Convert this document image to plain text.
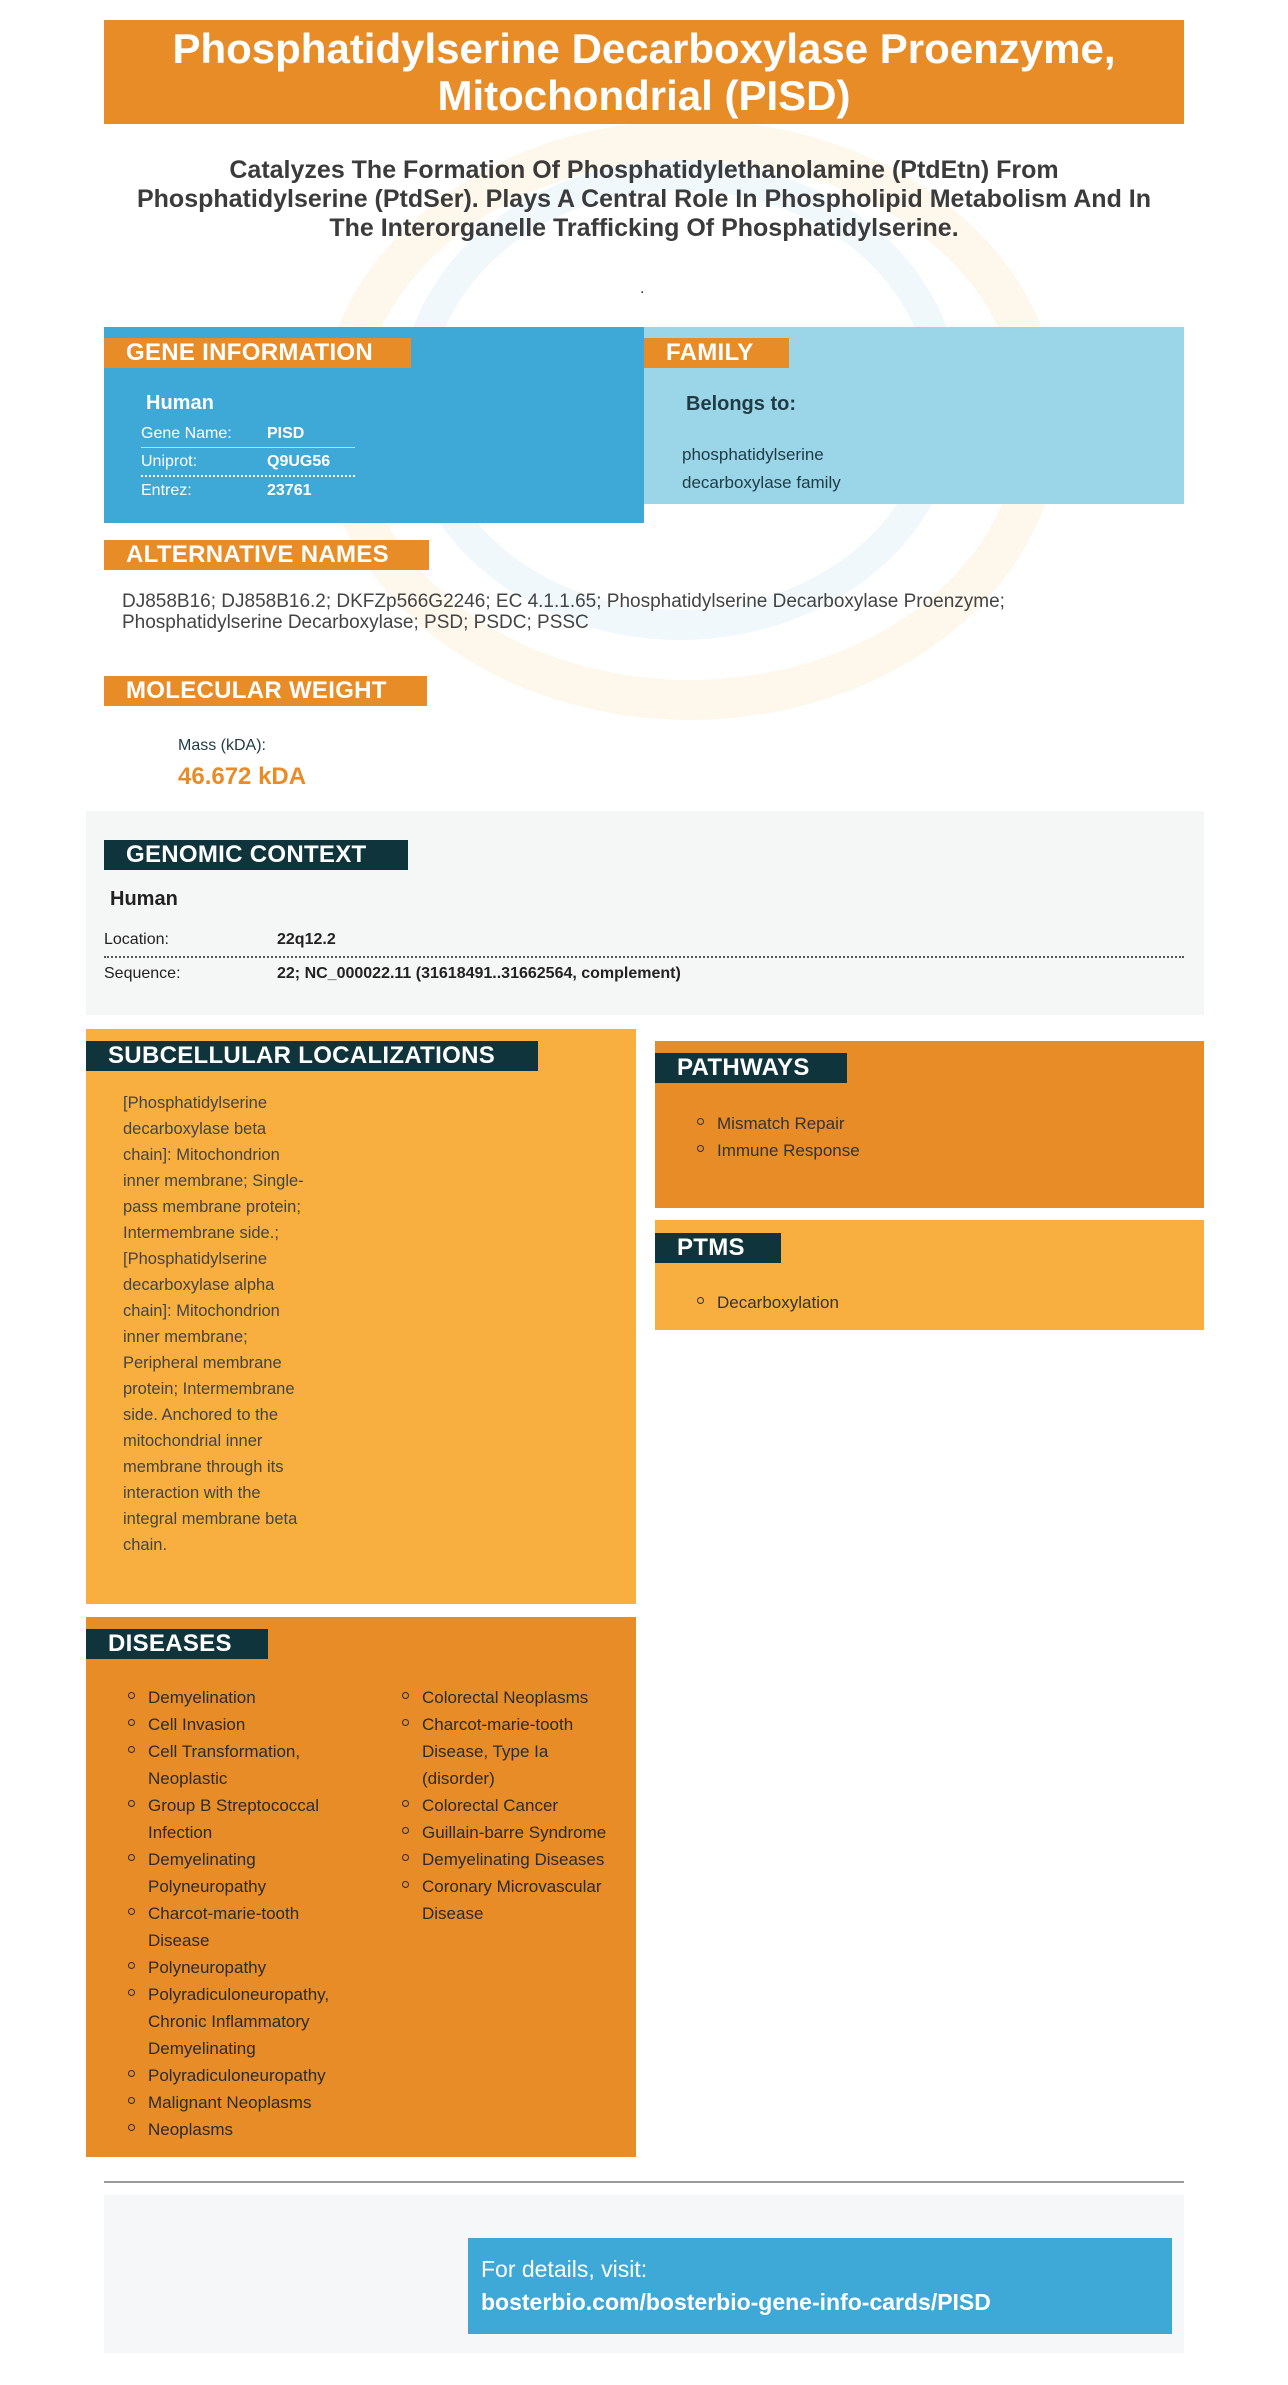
Phosphatidylserine Decarboxylase Proenzyme, Mitochondrial (PISD)
Catalyzes The Formation Of Phosphatidylethanolamine (PtdEtn) From Phosphatidylserine (PtdSer). Plays A Central Role In Phospholipid Metabolism And In The Interorganelle Trafficking Of Phosphatidylserine.
.
GENE INFORMATION
Human
Gene Name:	PISD
Uniprot:	Q9UG56
Entrez:	23761
FAMILY
Belongs to:
phosphatidylserine
decarboxylase family
ALTERNATIVE NAMES
DJ858B16; DJ858B16.2; DKFZp566G2246; EC 4.1.1.65; Phosphatidylserine Decarboxylase Proenzyme; Phosphatidylserine Decarboxylase; PSD; PSDC; PSSC
MOLECULAR WEIGHT
Mass (kDA):
46.672 kDA
GENOMIC CONTEXT
Human
Location:	22q12.2
Sequence:	22; NC_000022.11 (31618491..31662564, complement)
SUBCELLULAR LOCALIZATIONS
[Phosphatidylserine
decarboxylase beta
chain]: Mitochondrion
inner membrane; Single-
pass membrane protein;
Intermembrane side.;
[Phosphatidylserine
decarboxylase alpha
chain]: Mitochondrion
inner membrane;
Peripheral membrane
protein; Intermembrane
side. Anchored to the
mitochondrial inner
membrane through its
interaction with the
integral membrane beta
chain.
PATHWAYS
Mismatch Repair
Immune Response
PTMS
Decarboxylation
DISEASES
Demyelination
Cell Invasion
Cell Transformation,
Neoplastic
Group B Streptococcal
Infection
Demyelinating
Polyneuropathy
Charcot-marie-tooth
Disease
Polyneuropathy
Polyradiculoneuropathy,
Chronic Inflammatory
Demyelinating
Polyradiculoneuropathy
Malignant Neoplasms
Neoplasms
Colorectal Neoplasms
Charcot-marie-tooth
Disease, Type Ia
(disorder)
Colorectal Cancer
Guillain-barre Syndrome
Demyelinating Diseases
Coronary Microvascular
Disease
For details, visit:
bosterbio.com/bosterbio-gene-info-cards/PISD
